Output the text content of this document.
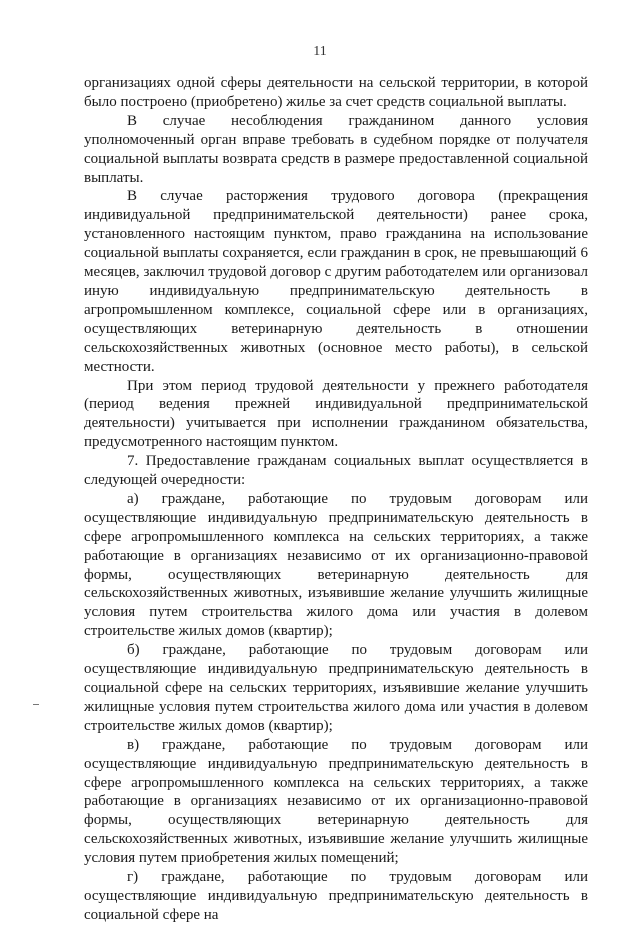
11

организациях одной сферы деятельности на сельской территории, в которой было построено (приобретено) жилье за счет средств социальной выплаты.

В случае несоблюдения гражданином данного условия уполномоченный орган вправе требовать в судебном порядке от получателя социальной выплаты возврата средств в размере предоставленной социальной выплаты.

В случае расторжения трудового договора (прекращения индивидуальной предпринимательской деятельности) ранее срока, установленного настоящим пунктом, право гражданина на использование социальной выплаты сохраняется, если гражданин в срок, не превышающий 6 месяцев, заключил трудовой договор с другим работодателем или организовал иную индивидуальную предпринимательскую деятельность в агропромышленном комплексе, социальной сфере или в организациях, осуществляющих ветеринарную деятельность в отношении сельскохозяйственных животных (основное место работы), в сельской местности.

При этом период трудовой деятельности у прежнего работодателя (период ведения прежней индивидуальной предпринимательской деятельности) учитывается при исполнении гражданином обязательства, предусмотренного настоящим пунктом.

7. Предоставление гражданам социальных выплат осуществляется в следующей очередности:

а) граждане, работающие по трудовым договорам или осуществляющие индивидуальную предпринимательскую деятельность в сфере агропромышленного комплекса на сельских территориях, а также работающие в организациях независимо от их организационно-правовой формы, осуществляющих ветеринарную деятельность для сельскохозяйственных животных, изъявившие желание улучшить жилищные условия путем строительства жилого дома или участия в долевом строительстве жилых домов (квартир);

б) граждане, работающие по трудовым договорам или осуществляющие индивидуальную предпринимательскую деятельность в социальной сфере на сельских территориях, изъявившие желание улучшить жилищные условия путем строительства жилого дома или участия в долевом строительстве жилых домов (квартир);

в) граждане, работающие по трудовым договорам или осуществляющие индивидуальную предпринимательскую деятельность в сфере агропромышленного комплекса на сельских территориях, а также работающие в организациях независимо от их организационно-правовой формы, осуществляющих ветеринарную деятельность для сельскохозяйственных животных, изъявившие желание улучшить жилищные условия путем приобретения жилых помещений;

г) граждане, работающие по трудовым договорам или осуществляющие индивидуальную предпринимательскую деятельность в социальной сфере на
